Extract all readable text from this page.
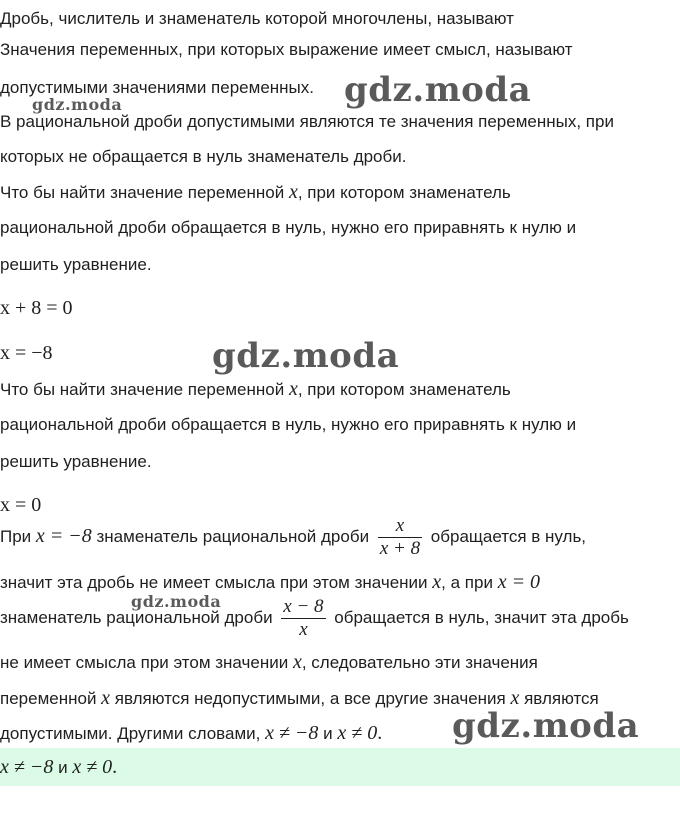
Дробь, числитель и знаменатель которой многочлены, называют
Значения переменных, при которых выражение имеет смысл, называют
допустимыми значениями переменных.
В рациональной дроби допустимыми являются те значения переменных, при
которых не обращается в нуль знаменатель дроби.
Что бы найти значение переменной x, при котором знаменатель
рациональной дроби обращается в нуль, нужно его приравнять к нулю и
решить уравнение.
x + 8 = 0
x = −8
Что бы найти значение переменной x, при котором знаменатель
рациональной дроби обращается в нуль, нужно его приравнять к нулю и
решить уравнение.
x = 0
При x = −8 знаменатель рациональной дроби $\frac{x}{x + 8}$ обращается в нуль,
значит эта дробь не имеет смысла при этом значении x, а при x = 0
знаменатель рациональной дроби $\frac{x - 8}{x}$ обращается в нуль, значит эта дробь
не имеет смысла при этом значении x, следовательно эти значения
переменной x являются недопустимыми, а все другие значения x являются
допустимыми. Другими словами, x ≠ −8 и x ≠ 0.
x ≠ −8 и x ≠ 0.
gdz.moda
gdz.moda
gdz.moda
gdz.moda
gdz.moda
